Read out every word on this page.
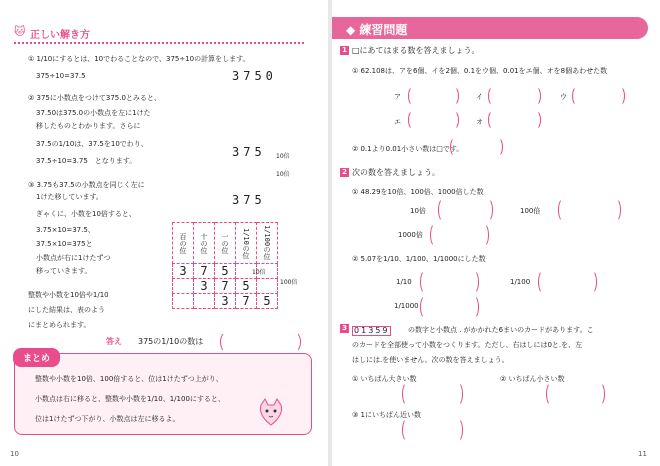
🐱 正しい解き方
① 1/10にするとは、10でわることなので、375÷10の計算をします。
375÷10=37.5	3750
② 375に小数点をつけて375.0とみると、
37.50は375.0の小数点を左に1けた
移したものとわかります。さらに
37.5の1/10は、37.5を10でわり、
37.5÷10=3.75　となります。
375 10倍
③ 3.75も37.5の小数点を同じく左に
1けた移しています。
ぎゃくに、小数を10倍すると、
3.75×10=37.5、
37.5×10=375と
小数点が右に1けたずつ
移っていきます。
375
10倍
百の位	十の位	一の位	1/10の位	1/100の位
3	7	5		
	3	7	5	
		3	7	5
10倍
100倍
整数や小数を10倍や1/10
にした結果は、表のよう
にまとめられます。
答え 375の1/10の数は
まとめ
整数や小数を10倍、100倍すると、位は1けたずつ上がり、
小数点は右に移ると、整数や小数を1/10、1/100にすると、
位は1けたずつ下がり、小数点は左に移るよ。
10
◆ 練習問題
1 □にあてはまる数を答えましょう。
① 62.108は、アを6個、イを2個、0.1をウ個、0.01をエ個、オを8個あわせた数
ア	イ	ウ
エ	オ
② 0.1より0.01小さい数は□です。
2 次の数を答えましょう。
① 48.29を10倍、100倍、1000倍した数
10倍	100倍
1000倍
② 5.07を1/10、1/100、1/1000にした数
1/10	1/100
1/1000
3 01359	の数字と小数点 . がかかれた6まいのカードがあります。こ
のカードを全部使って小数をつくります。ただし、右はしには0と.を、左
はしには.を使いません。次の数を答えましょう。
① いちばん大きい数	② いちばん小さい数
③ 1にいちばん近い数
11
